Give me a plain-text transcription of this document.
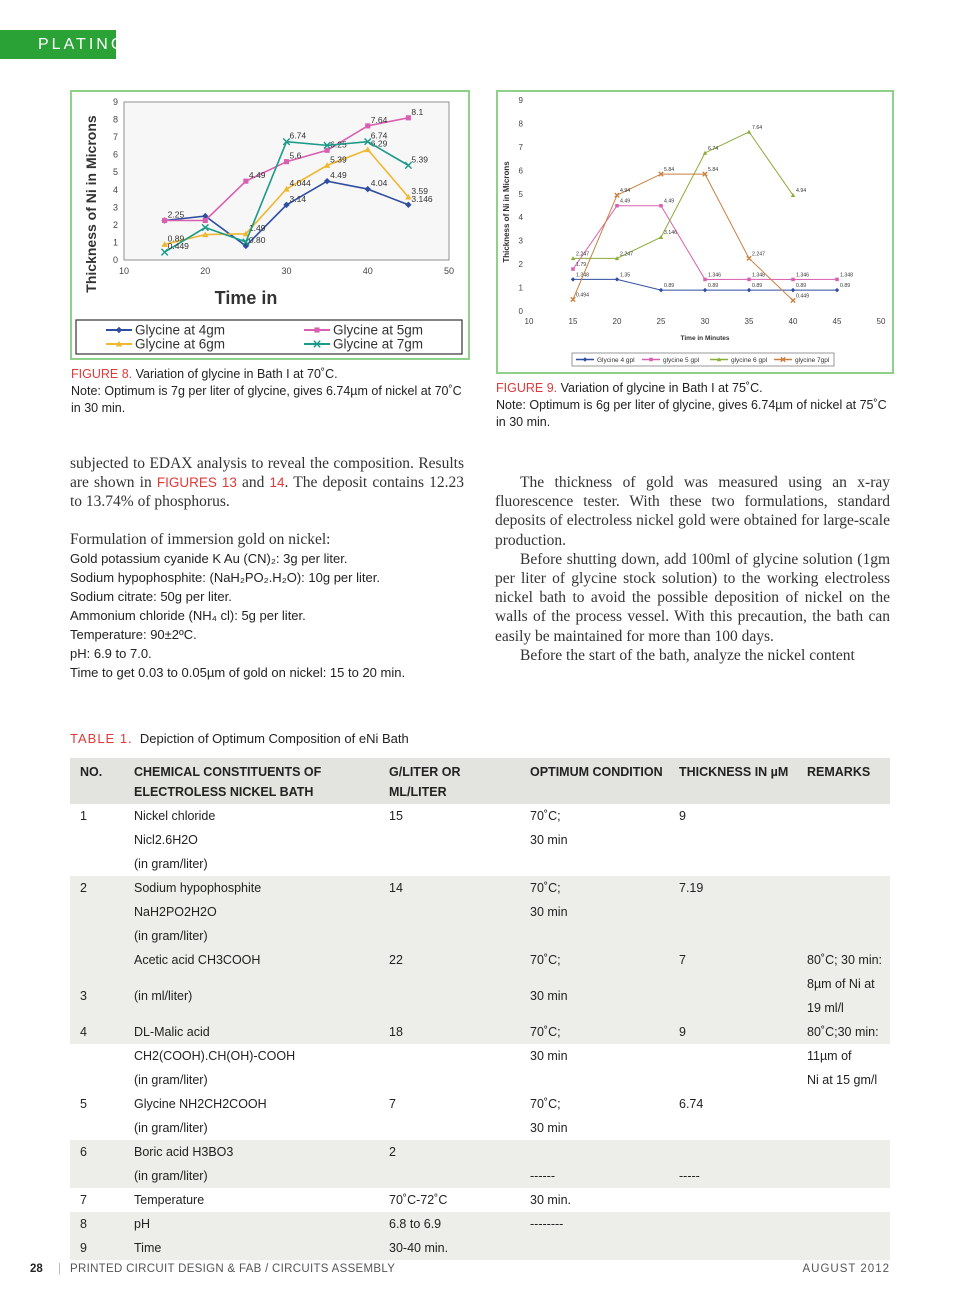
PLATING
0
1
2
3
4
5
6
7
8
9
10	20	30	40	50
2.25
0.80
3.14
4.49
4.04
3.146
4.49
5.6
6.25
7.64
8.1
0.89
1.49
4.044
5.39
6.29
3.59
0.449
6.74	6.74
5.39
Thickness of Ni in Microns
Time in
Glycine at 4gm	Glycine at 5gm
Glycine at 6gm	Glycine at 7gm
FIGURE 8. Variation of glycine in Bath I at 70˚C.
Note: Optimum is 7g per liter of glycine, gives 6.74µm of nickel at 70˚C in 30 min.
0
1
2
3
4
5
6
7
8
9
10	15	20	25	30	35	40	45	50
1.348	1.35
0.89	0.89	0.89	0.89	0.89
1.79
4.49	4.49
1.346	1.348	1.346	1.348
2.247	2.247
3.146
6.74
7.64
4.94
0.494
4.94
5.84	5.84
2.247
0.449
Thickness of Ni in Microns
Time in Minutes
Glycine 4 gpl	glycine 5 gpl	glycine 6 gpl	glycine 7gpl
FIGURE 9. Variation of glycine in Bath I at 75˚C.
Note: Optimum is 6g per liter of glycine, gives 6.74µm of nickel at 75˚C in 30 min.

subjected to EDAX analysis to reveal the composition. Results are shown in FIGURES 13 and 14. The deposit contains 12.23 to 13.74% of phosphorus.

Formulation of immersion gold on nickel:

Gold potassium cyanide K Au (CN)₂: 3g per liter.
Sodium hypophosphite: (NaH₂PO₂.H₂O): 10g per liter.
Sodium citrate: 50g per liter.
Ammonium chloride (NH₄ cl): 5g per liter.
Temperature: 90±2ºC.
pH: 6.9 to 7.0.
Time to get 0.03 to 0.05µm of gold on nickel: 15 to 20 min.

The thickness of gold was measured using an x-ray fluorescence tester. With these two formulations, standard deposits of electroless nickel gold were obtained for large-scale production.

Before shutting down, add 100ml of glycine solution (1gm per liter of glycine stock solution) to the working electroless nickel bath to avoid the possible deposition of nickel on the walls of the process vessel. With this precaution, the bath can easily be maintained for more than 100 days.

Before the start of the bath, analyze the nickel content

TABLE 1. Depiction of Optimum Composition of eNi Bath
NO.	CHEMICAL CONSTITUENTS OF ELECTROLESS NICKEL BATH	G/LITER OR ML/LITER	OPTIMUM CONDITION	THICKNESS IN µM	REMARKS
1	Nickel chloride	15	70˚C;	9	
	Nicl2.6H2O		30 min		
	(in gram/liter)				
2	Sodium hypophosphite	14	70˚C;	7.19	
	NaH2PO2H2O		30 min		
	(in gram/liter)				
	Acetic acid CH3COOH	22	70˚C;	7	80˚C; 30 min:
3	(in ml/liter)		30 min		8µm of Ni at 19 ml/l
4	DL-Malic acid	18	70˚C;	9	80˚C;30 min:
	CH2(COOH).CH(OH)-COOH		30 min		11µm of
	(in gram/liter)				Ni at 15 gm/l
5	Glycine NH2CH2COOH	7	70˚C;	6.74	
	(in gram/liter)		30 min		
6	Boric acid H3BO3	2			
	(in gram/liter)		------	-----	
7	Temperature	70˚C-72˚C	30 min.		
8	pH	6.8 to 6.9	--------		
9	Time	30-40 min.			
28 | PRINTED CIRCUIT DESIGN & FAB / CIRCUITS ASSEMBLY	AUGUST 2012
